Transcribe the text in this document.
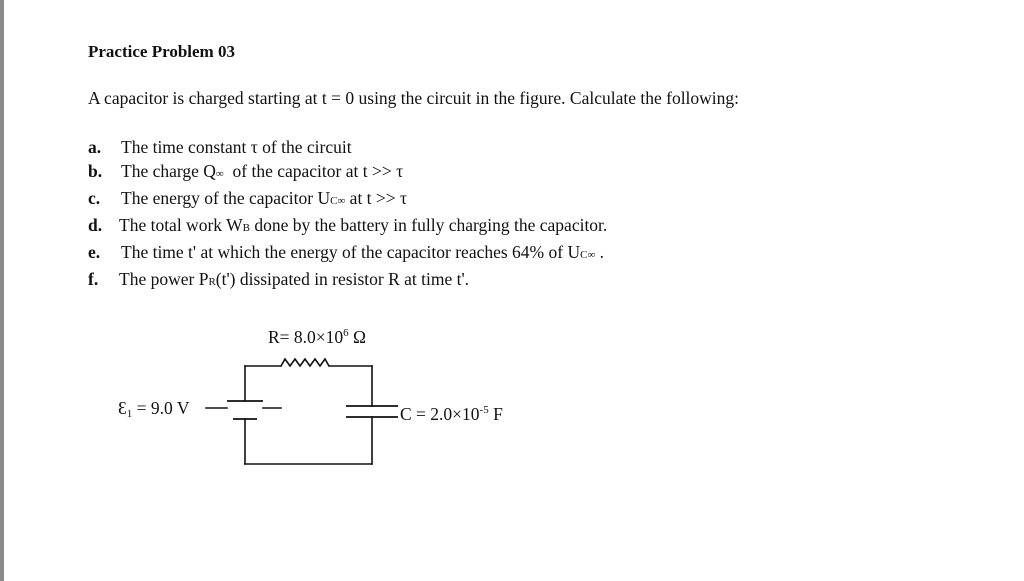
Practice Problem 03

A capacitor is charged starting at t = 0 using the circuit in the figure. Calculate the following:

a.	The time constant τ of the circuit
b.	The charge Q∞  of the capacitor at t >> τ
c.	The energy of the capacitor UC∞ at t >> τ
d. The total work WB done by the battery in fully charging the capacitor.
e.	The time t' at which the energy of the capacitor reaches 64% of UC∞ .
f.	The power PR(t') dissipated in resistor R at time t'.
$R= 8.0\times 10^6$ Ω
Ɛ1 = 9.0 V	$C = 2.0\times 10^{-5}$ F
